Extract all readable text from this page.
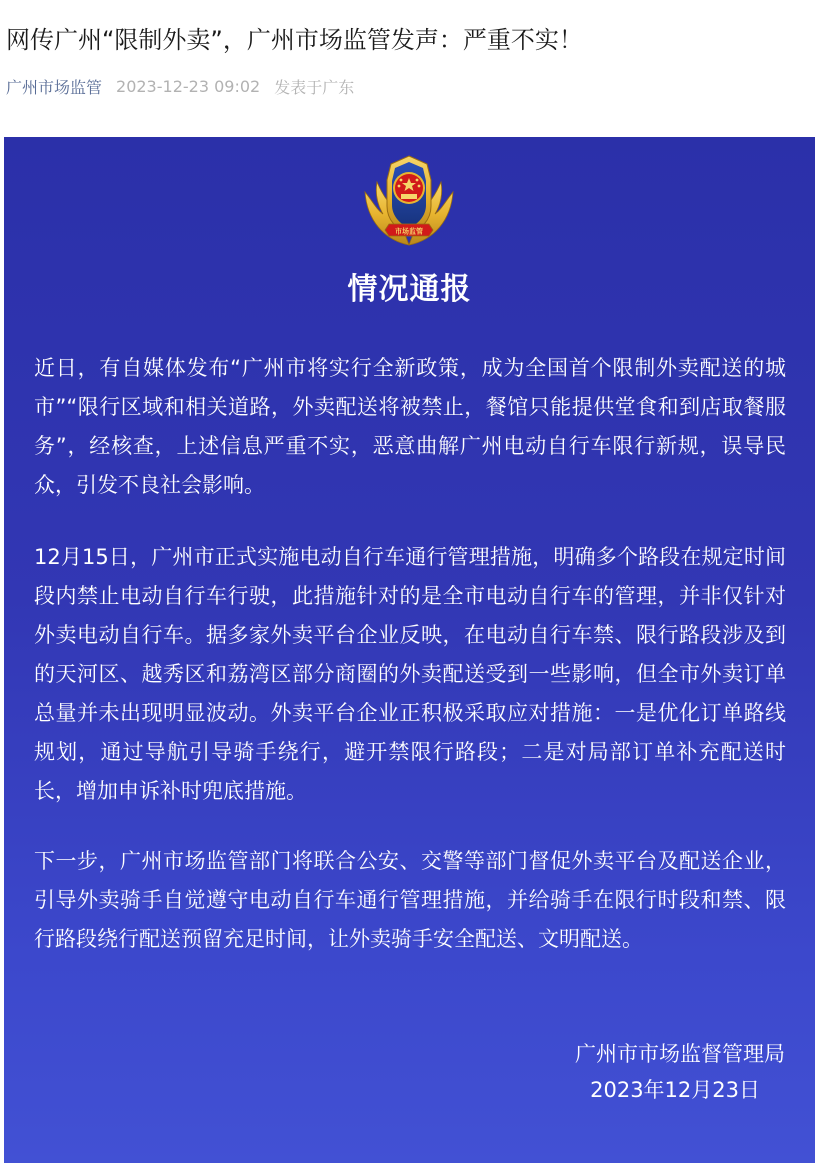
网传广州“限制外卖”，广州市场监管发声：严重不实！
广州市场监管 2023-12-23 09:02 发表于广东
市场监管
情况通报

近日，有自媒体发布“广州市将实行全新政策，成为全国首个限制外卖配送的城市”“限行区域和相关道路，外卖配送将被禁止，餐馆只能提供堂食和到店取餐服务”，经核查，上述信息严重不实，恶意曲解广州电动自行车限行新规，误导民众，引发不良社会影响。

12月15日，广州市正式实施电动自行车通行管理措施，明确多个路段在规定时间段内禁止电动自行车行驶，此措施针对的是全市电动自行车的管理，并非仅针对外卖电动自行车。据多家外卖平台企业反映，在电动自行车禁、限行路段涉及到的天河区、越秀区和荔湾区部分商圈的外卖配送受到一些影响，但全市外卖订单总量并未出现明显波动。外卖平台企业正积极采取应对措施：一是优化订单路线规划，通过导航引导骑手绕行，避开禁限行路段；二是对局部订单补充配送时长，增加申诉补时兜底措施。

下一步，广州市场监管部门将联合公安、交警等部门督促外卖平台及配送企业，引导外卖骑手自觉遵守电动自行车通行管理措施，并给骑手在限行时段和禁、限行路段绕行配送预留充足时间，让外卖骑手安全配送、文明配送。

广州市市场监督管理局

2023年12月23日
